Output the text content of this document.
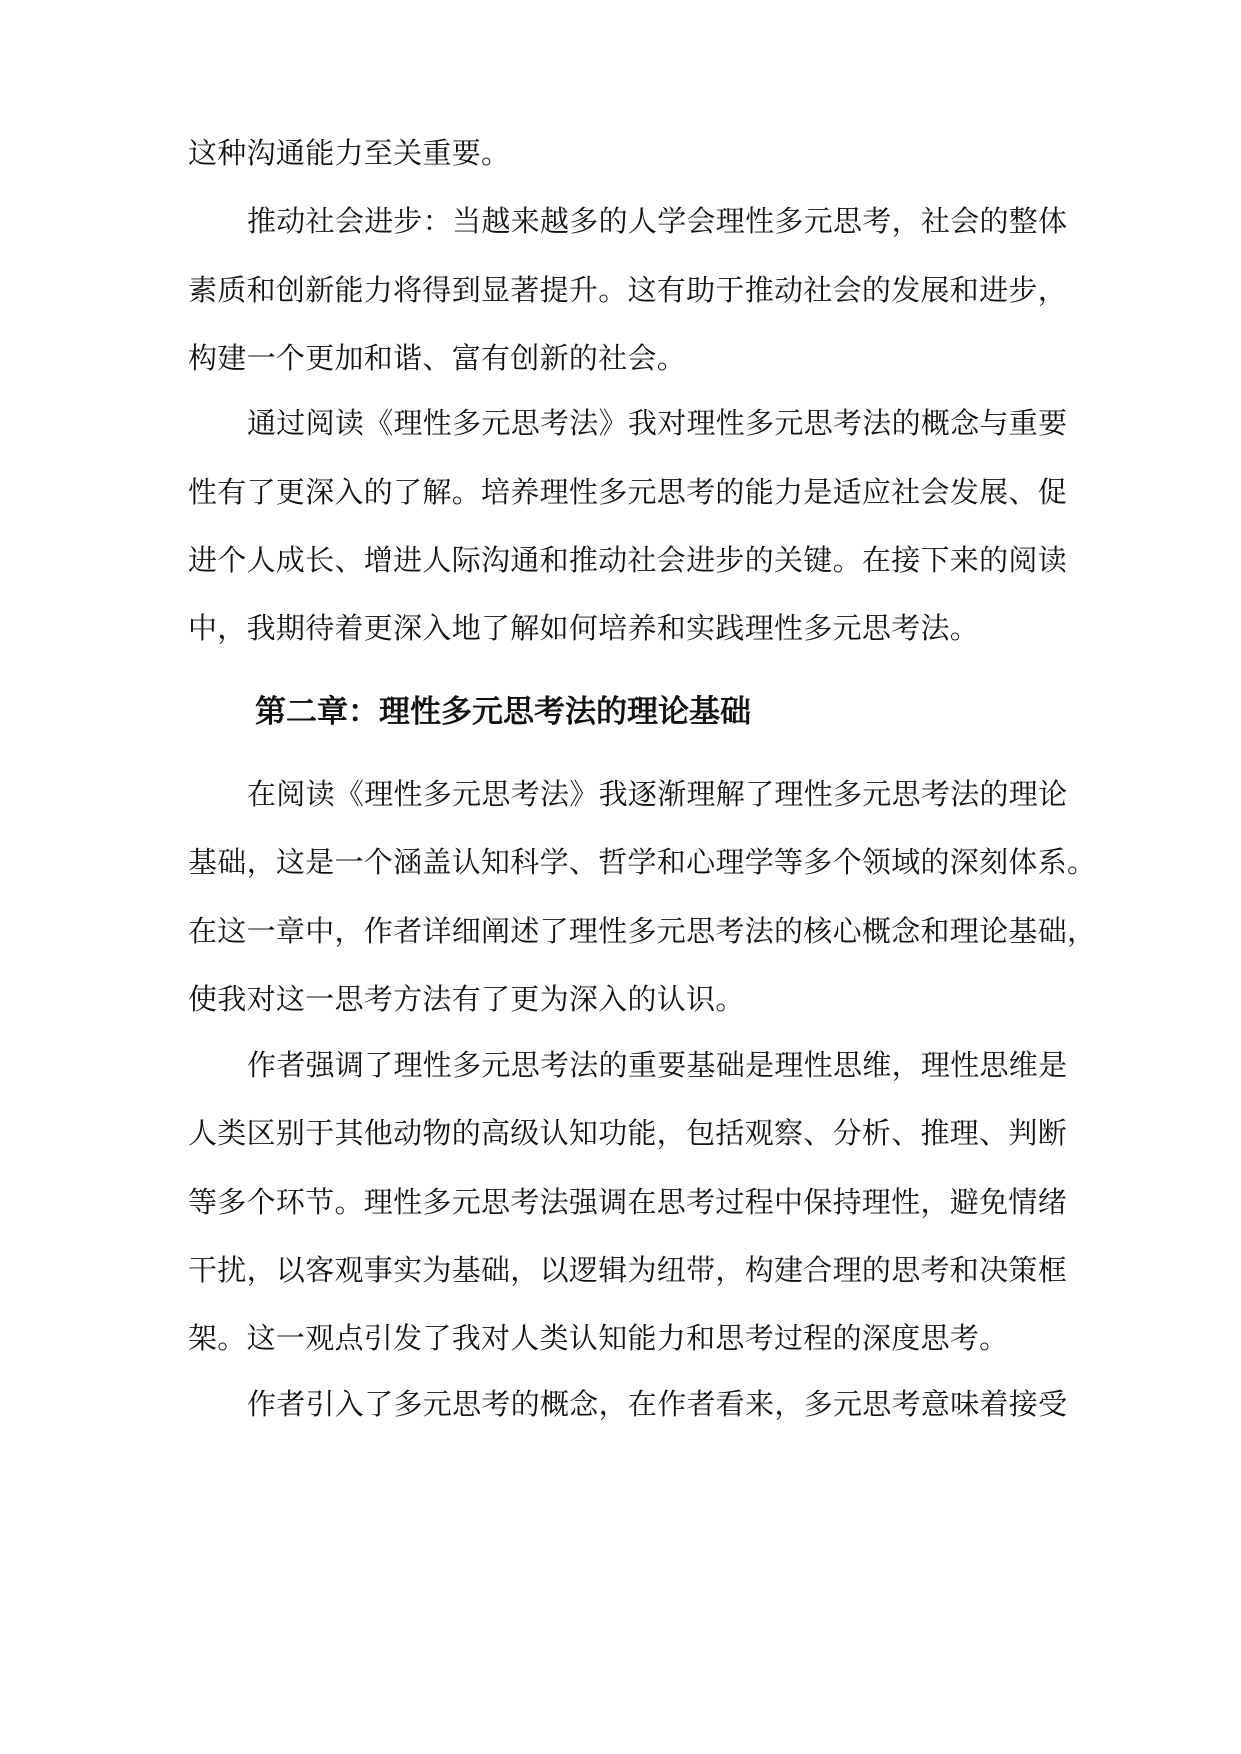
这种沟通能力至关重要。
推动社会进步：当越来越多的人学会理性多元思考，社会的整体
素质和创新能力将得到显著提升。这有助于推动社会的发展和进步，
构建一个更加和谐、富有创新的社会。
通过阅读《理性多元思考法》我对理性多元思考法的概念与重要
性有了更深入的了解。培养理性多元思考的能力是适应社会发展、促
进个人成长、增进人际沟通和推动社会进步的关键。在接下来的阅读
中，我期待着更深入地了解如何培养和实践理性多元思考法。
第二章：理性多元思考法的理论基础
在阅读《理性多元思考法》我逐渐理解了理性多元思考法的理论
基础，这是一个涵盖认知科学、哲学和心理学等多个领域的深刻体系。
在这一章中，作者详细阐述了理性多元思考法的核心概念和理论基础，
使我对这一思考方法有了更为深入的认识。
作者强调了理性多元思考法的重要基础是理性思维，理性思维是
人类区别于其他动物的高级认知功能，包括观察、分析、推理、判断
等多个环节。理性多元思考法强调在思考过程中保持理性，避免情绪
干扰，以客观事实为基础，以逻辑为纽带，构建合理的思考和决策框
架。这一观点引发了我对人类认知能力和思考过程的深度思考。
作者引入了多元思考的概念，在作者看来，多元思考意味着接受
